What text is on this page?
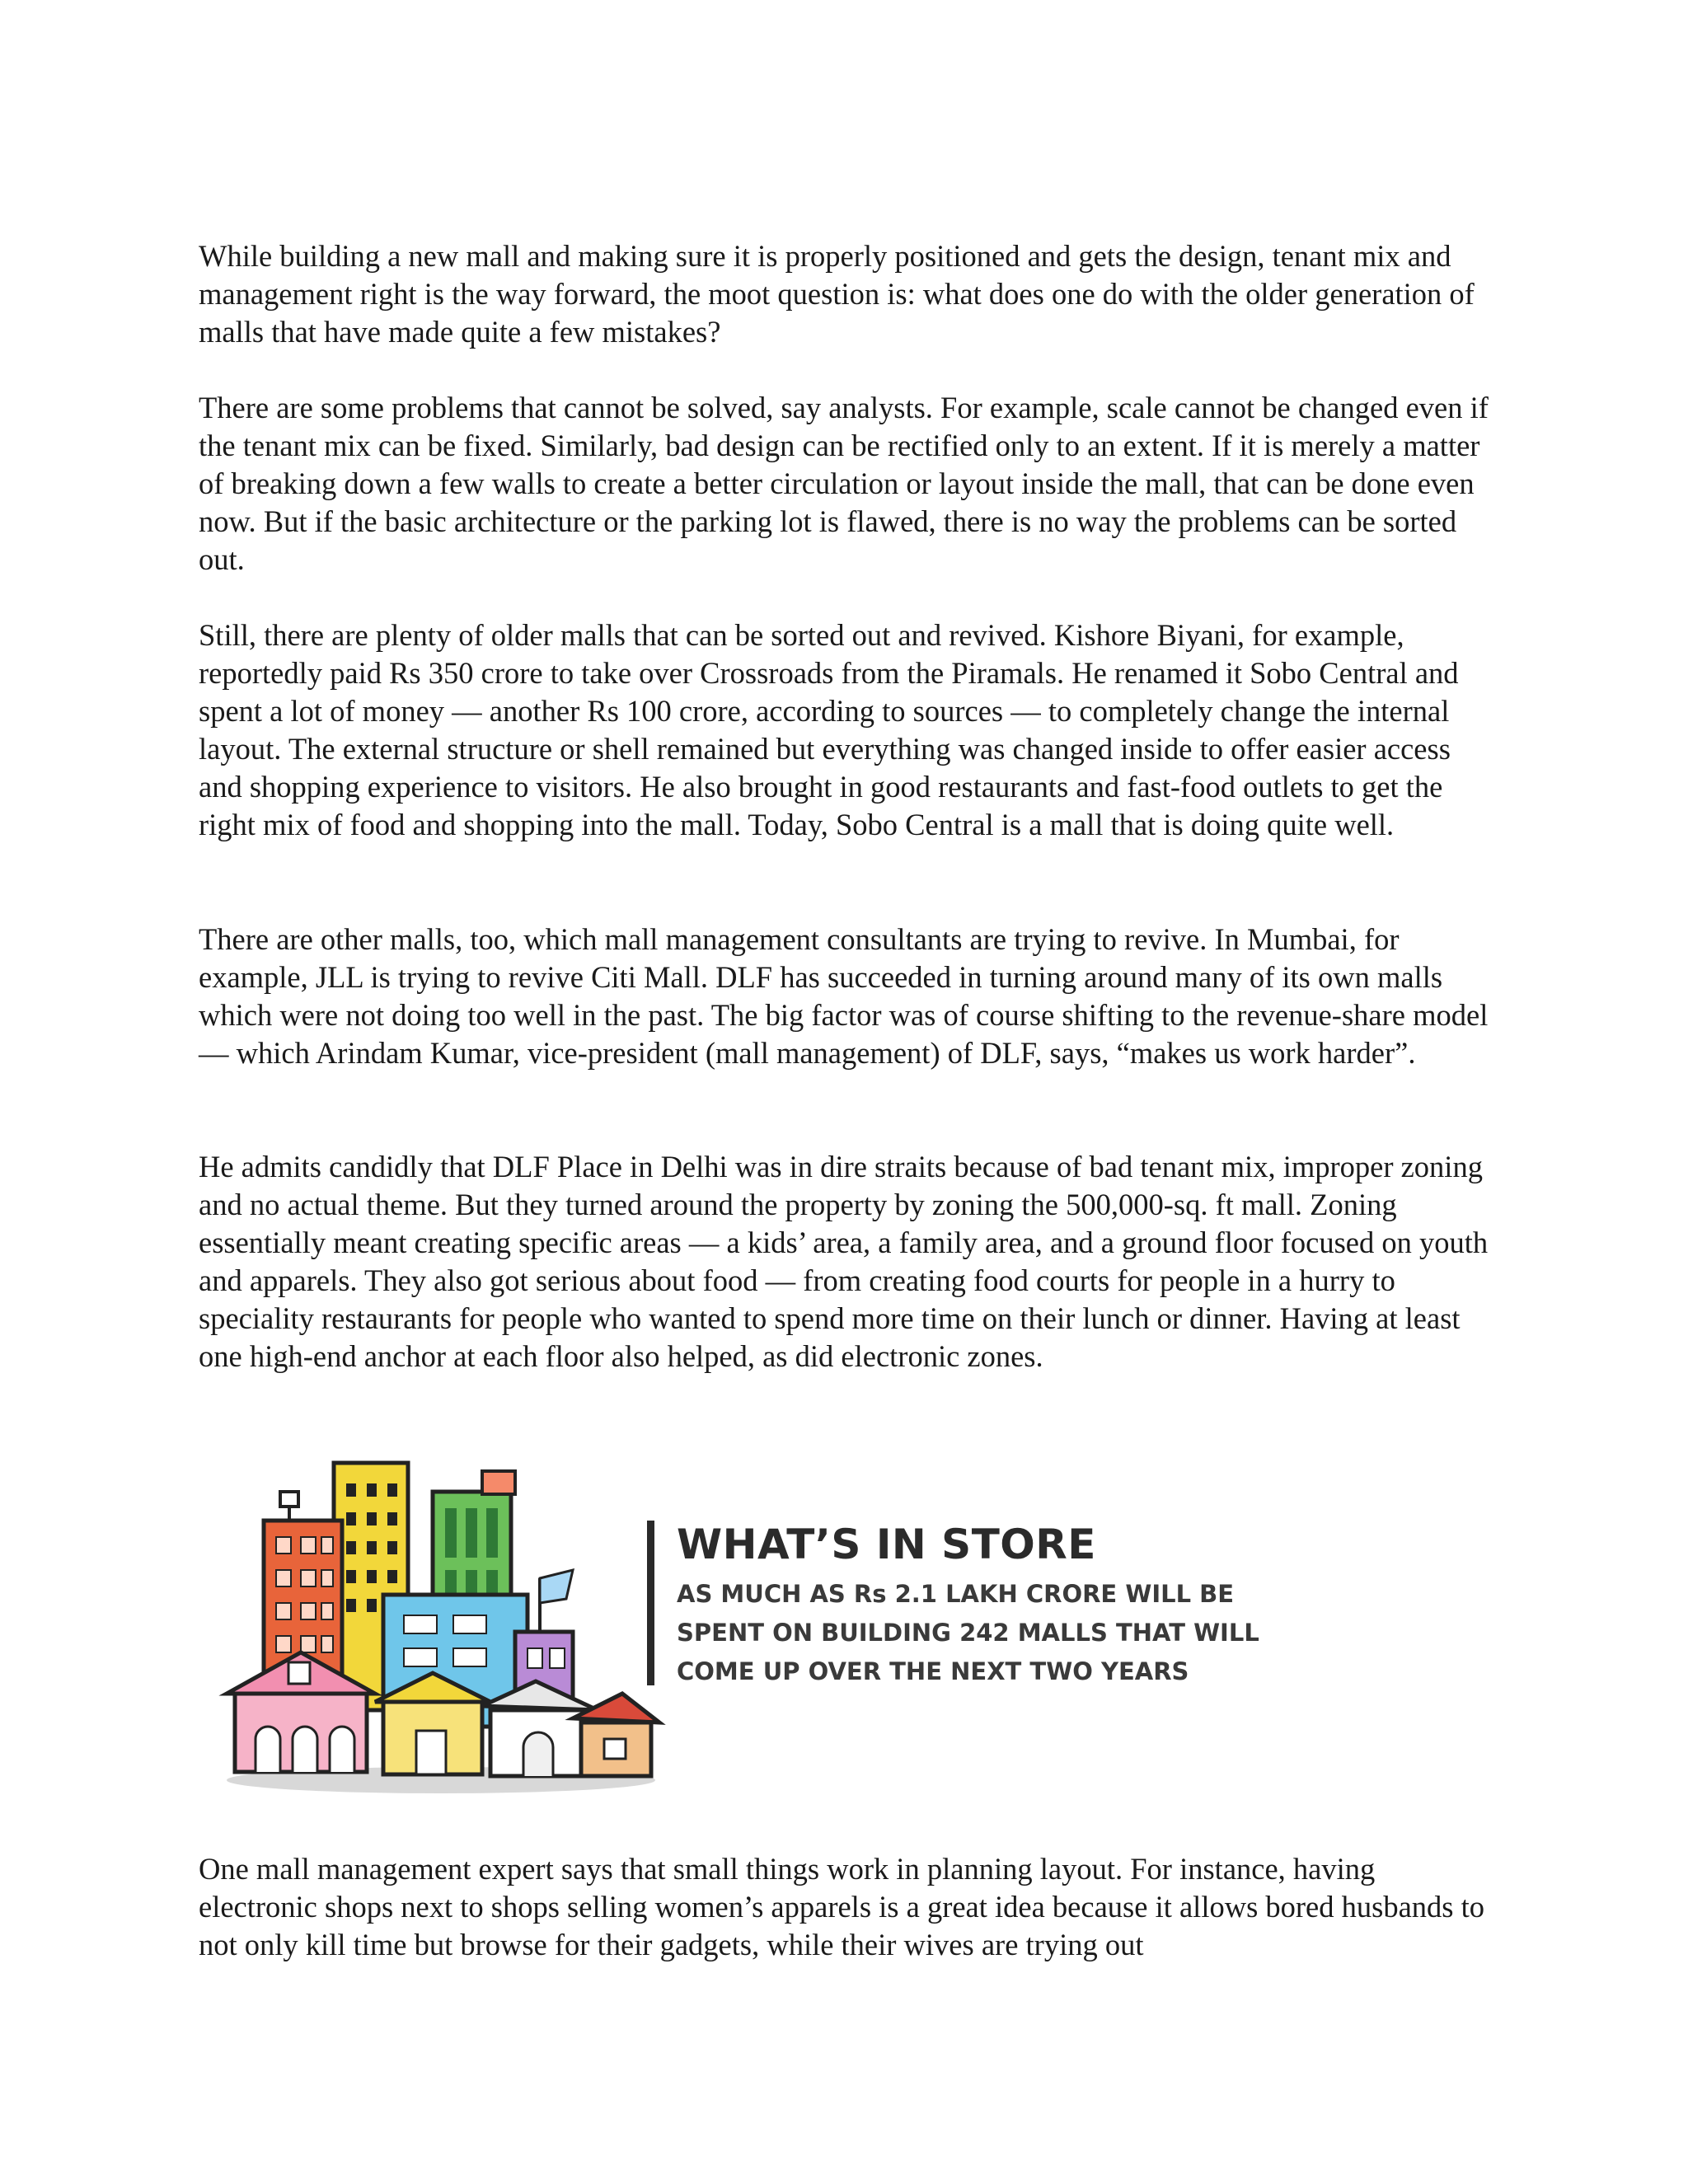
While building a new mall and making sure it is properly positioned and gets the design, tenant mix and management right is the way forward, the moot question is: what does one do with the older generation of malls that have made quite a few mistakes?

There are some problems that cannot be solved, say analysts. For example, scale cannot be changed even if the tenant mix can be fixed. Similarly, bad design can be rectified only to an extent. If it is merely a matter of breaking down a few walls to create a better circulation or layout inside the mall, that can be done even now. But if the basic architecture or the parking lot is flawed, there is no way the problems can be sorted out.

Still, there are plenty of older malls that can be sorted out and revived. Kishore Biyani, for example, reportedly paid Rs 350 crore to take over Crossroads from the Piramals. He renamed it Sobo Central and spent a lot of money — another Rs 100 crore, according to sources — to completely change the internal layout. The external structure or shell remained but everything was changed inside to offer easier access and shopping experience to visitors. He also brought in good restaurants and fast-food outlets to get the right mix of food and shopping into the mall. Today, Sobo Central is a mall that is doing quite well.

There are other malls, too, which mall management consultants are trying to revive. In Mumbai, for example, JLL is trying to revive Citi Mall. DLF has succeeded in turning around many of its own malls which were not doing too well in the past. The big factor was of course shifting to the revenue-share model — which Arindam Kumar, vice-president (mall management) of DLF, says, “makes us work harder”.

He admits candidly that DLF Place in Delhi was in dire straits because of bad tenant mix, improper zoning and no actual theme. But they turned around the property by zoning the 500,000-sq. ft mall. Zoning essentially meant creating specific areas — a kids’ area, a family area, and a ground floor focused on youth and apparels. They also got serious about food — from creating food courts for people in a hurry to speciality restaurants for people who wanted to spend more time on their lunch or dinner. Having at least one high-end anchor at each floor also helped, as did electronic zones.

WHAT’S IN STORE
AS MUCH AS Rs 2.1 LAKH CRORE WILL BE
SPENT ON BUILDING 242 MALLS THAT WILL
COME UP OVER THE NEXT TWO YEARS

One mall management expert says that small things work in planning layout. For instance, having electronic shops next to shops selling women’s apparels is a great idea because it allows bored husbands to not only kill time but browse for their gadgets, while their wives are trying out
